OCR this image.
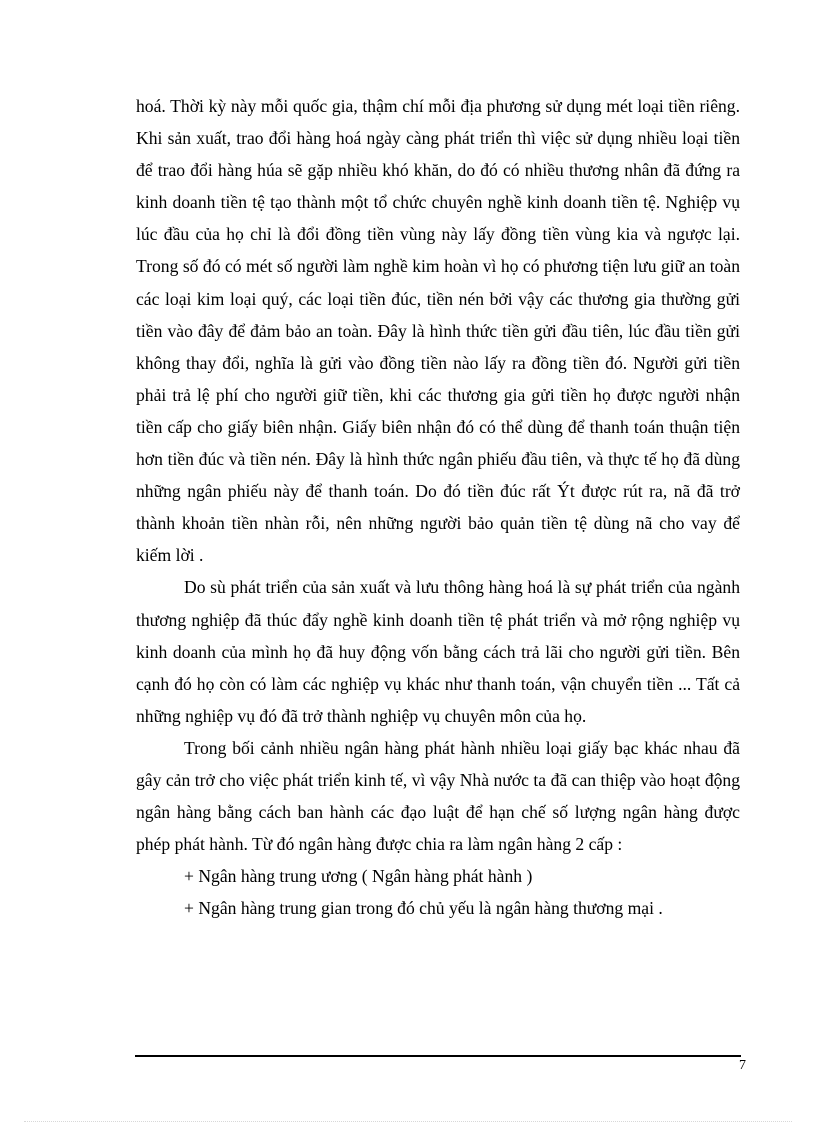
hoá. Thời kỳ này mỗi quốc gia, thậm chí mỗi địa phương sử dụng mét loại tiền riêng. Khi sản xuất, trao đổi hàng hoá ngày càng phát triển thì việc sử dụng nhiều loại tiền để trao đổi hàng húa sẽ gặp nhiều khó khăn, do đó có nhiều thương nhân đã đứng ra kinh doanh tiền tệ tạo thành một tổ chức chuyên nghề kinh doanh tiền tệ. Nghiệp vụ lúc đầu của họ chỉ là đổi đồng tiền vùng này lấy đồng tiền vùng kia và ngược lại. Trong số đó có mét số người làm nghề kim hoàn vì họ có phương tiện lưu giữ an toàn các loại kim loại quý, các loại tiền đúc, tiền nén bởi vậy các thương gia thường gửi tiền vào đây để đảm bảo an toàn. Đây là hình thức tiền gửi đầu tiên, lúc đầu tiền gửi không thay đổi, nghĩa là gửi vào đồng tiền nào lấy ra đồng tiền đó. Người gửi tiền phải trả lệ phí cho người giữ tiền, khi các thương gia gửi tiền họ được người nhận tiền cấp cho giấy biên nhận. Giấy biên nhận đó có thể dùng để thanh toán thuận tiện hơn tiền đúc và tiền nén. Đây là hình thức ngân phiếu đầu tiên, và thực tế họ đã dùng những ngân phiếu này để thanh toán. Do đó tiền đúc rất Ýt được rút ra, nã đã trở thành khoản tiền nhàn rỗi, nên những người bảo quản tiền tệ dùng nã cho vay để kiếm lời .

Do sù phát triển của sản xuất và lưu thông hàng hoá là sự phát triển của ngành thương nghiệp đã thúc đẩy nghề kinh doanh tiền tệ phát triển và mở rộng nghiệp vụ kinh doanh của mình họ đã huy động vốn bằng cách trả lãi cho người gửi tiền. Bên cạnh đó họ còn có làm các nghiệp vụ khác như thanh toán, vận chuyển tiền ... Tất cả những nghiệp vụ đó đã trở thành nghiệp vụ chuyên môn của họ.

Trong bối cảnh nhiều ngân hàng phát hành nhiều loại giấy bạc khác nhau đã gây cản trở cho việc phát triển kinh tế, vì vậy Nhà nước ta đã can thiệp vào hoạt động ngân hàng bằng cách ban hành các đạo luật để hạn chế số lượng ngân hàng được phép phát hành. Từ đó ngân hàng được chia ra làm ngân hàng 2 cấp :

+ Ngân hàng trung ương ( Ngân hàng phát hành )

+ Ngân hàng trung gian trong đó chủ yếu là ngân hàng thương mại .

7
